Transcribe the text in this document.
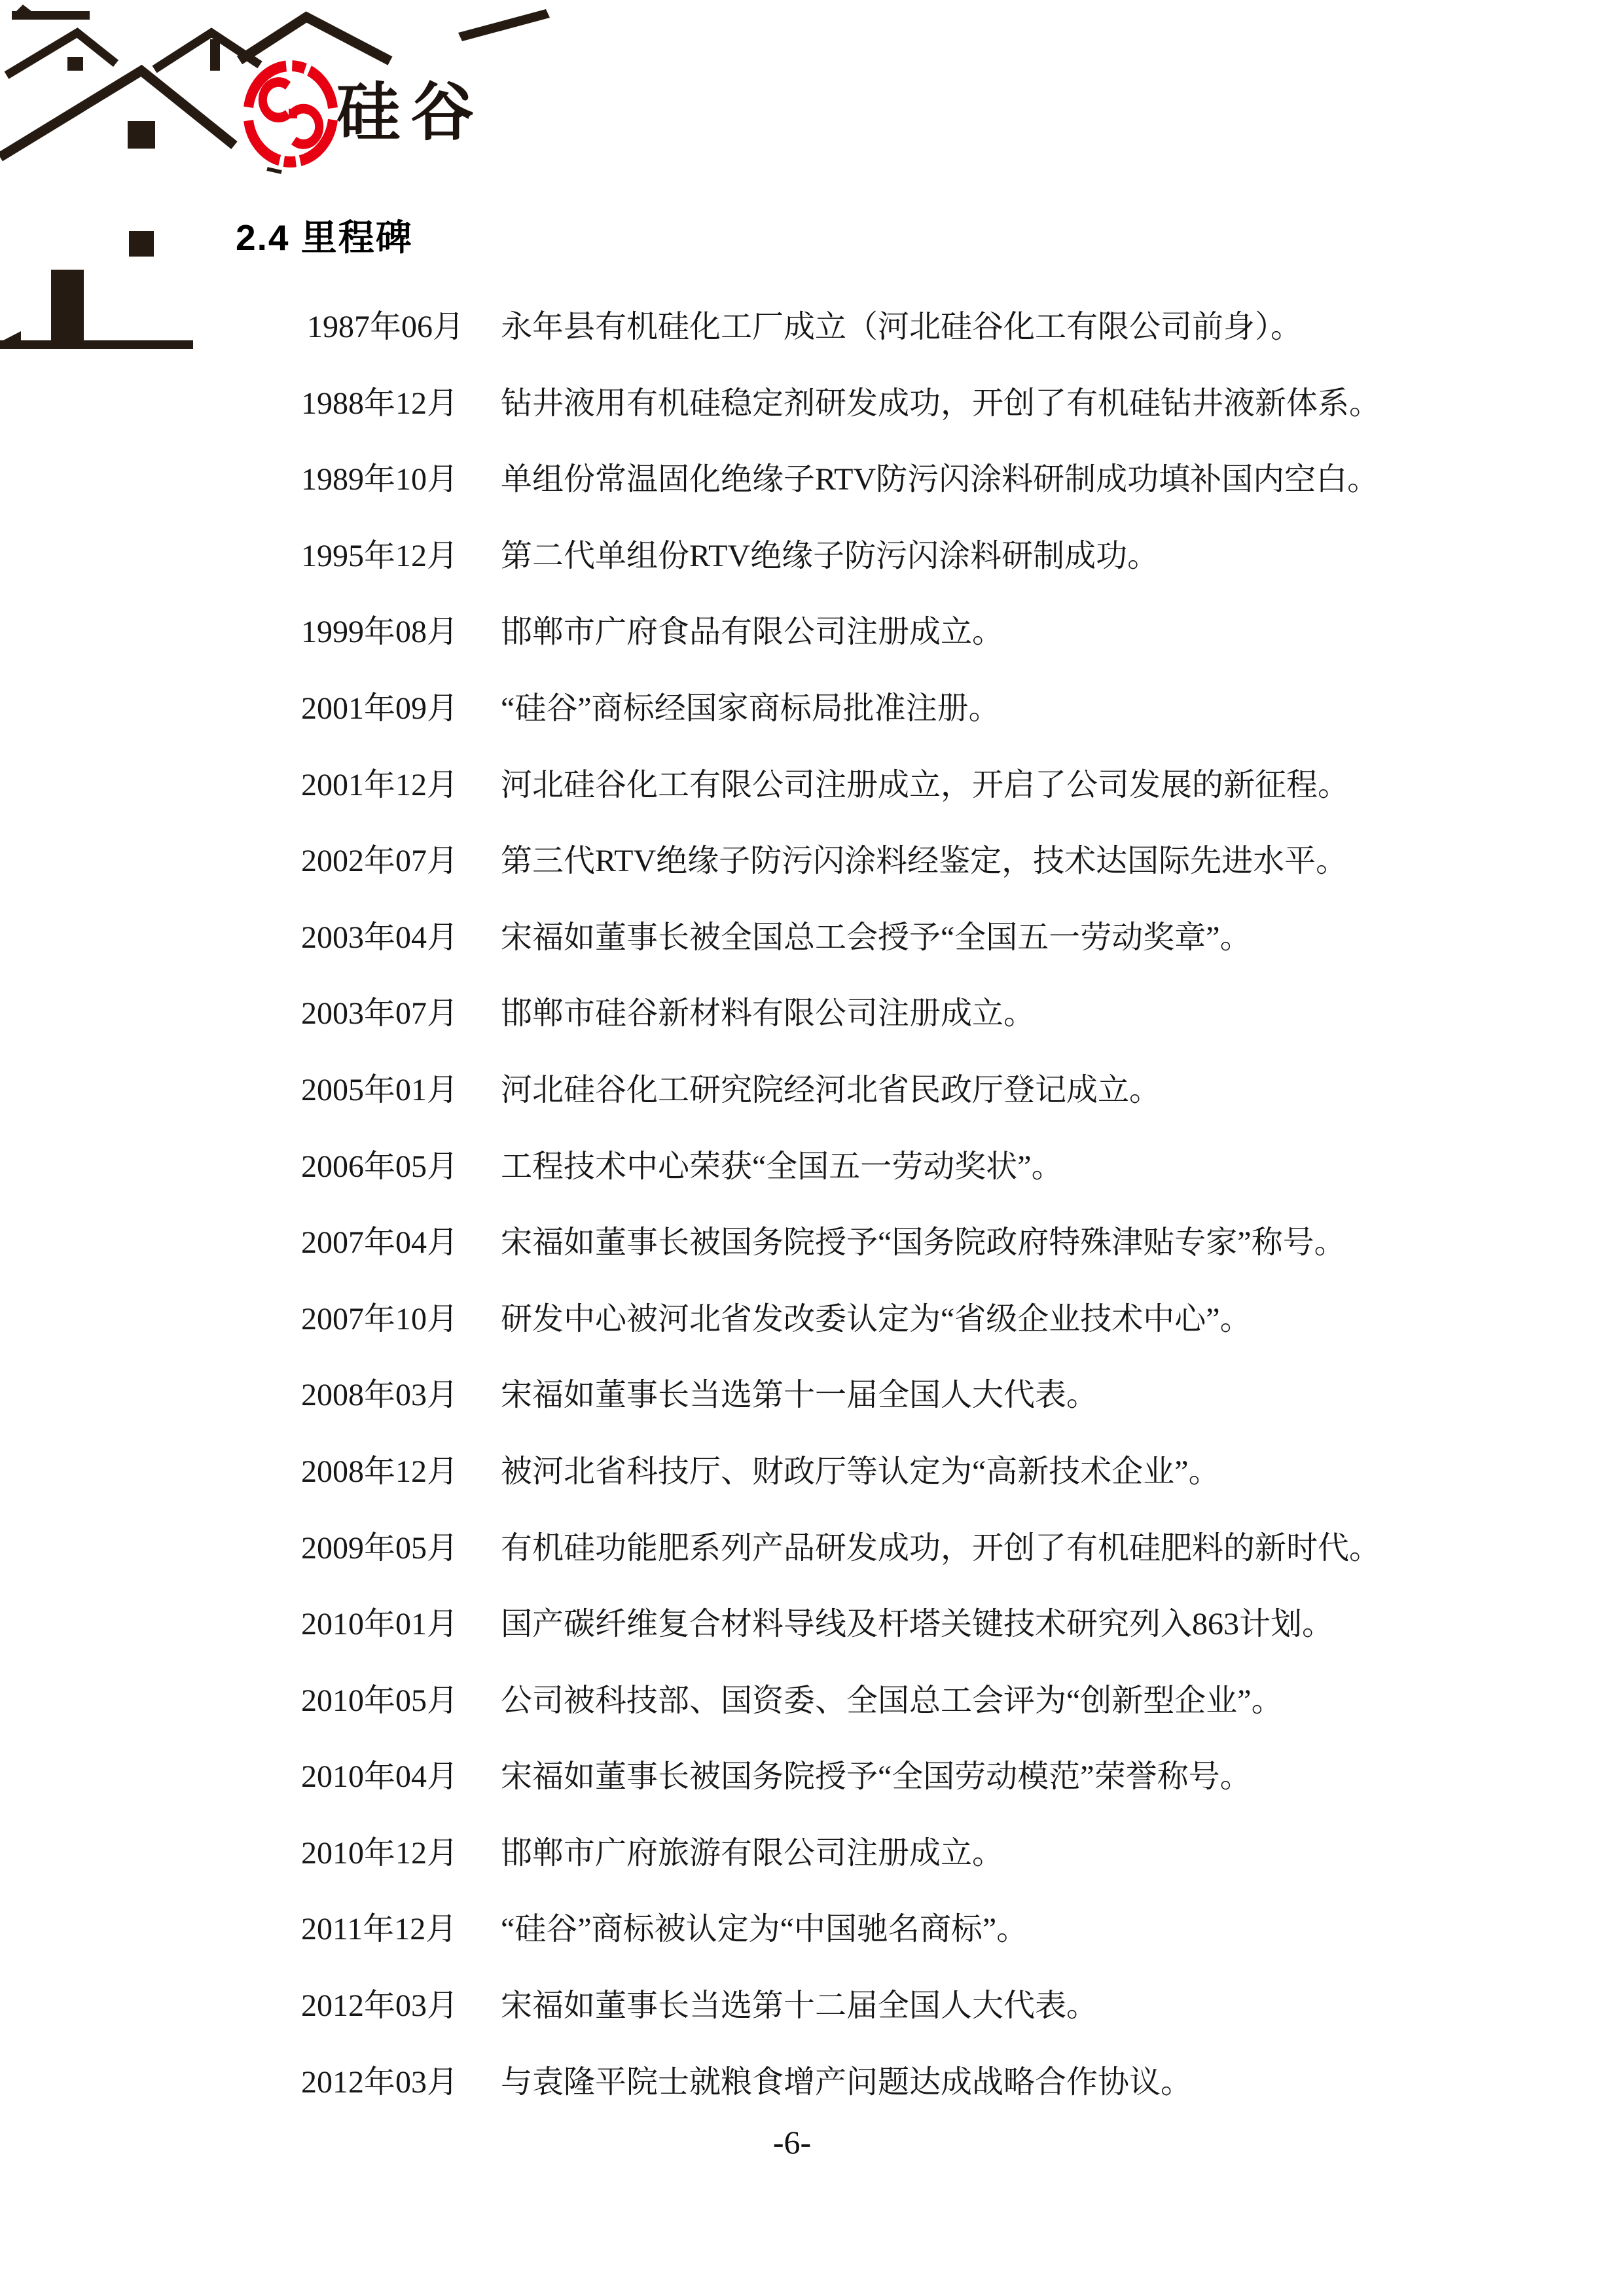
硅谷
2.4 里程碑
1987年06月	永年县有机硅化工厂成立（河北硅谷化工有限公司前身）。
1988年12月	钻井液用有机硅稳定剂研发成功，开创了有机硅钻井液新体系。
1989年10月	单组份常温固化绝缘子RTV防污闪涂料研制成功填补国内空白。
1995年12月	第二代单组份RTV绝缘子防污闪涂料研制成功。
1999年08月	邯郸市广府食品有限公司注册成立。
2001年09月	“硅谷”商标经国家商标局批准注册。
2001年12月	河北硅谷化工有限公司注册成立，开启了公司发展的新征程。
2002年07月	第三代RTV绝缘子防污闪涂料经鉴定，技术达国际先进水平。
2003年04月	宋福如董事长被全国总工会授予“全国五一劳动奖章”。
2003年07月	邯郸市硅谷新材料有限公司注册成立。
2005年01月	河北硅谷化工研究院经河北省民政厅登记成立。
2006年05月	工程技术中心荣获“全国五一劳动奖状”。
2007年04月	宋福如董事长被国务院授予“国务院政府特殊津贴专家”称号。
2007年10月	研发中心被河北省发改委认定为“省级企业技术中心”。
2008年03月	宋福如董事长当选第十一届全国人大代表。
2008年12月	被河北省科技厅、财政厅等认定为“高新技术企业”。
2009年05月	有机硅功能肥系列产品研发成功，开创了有机硅肥料的新时代。
2010年01月	国产碳纤维复合材料导线及杆塔关键技术研究列入863计划。
2010年05月	公司被科技部、国资委、全国总工会评为“创新型企业”。
2010年04月	宋福如董事长被国务院授予“全国劳动模范”荣誉称号。
2010年12月	邯郸市广府旅游有限公司注册成立。
2011年12月	“硅谷”商标被认定为“中国驰名商标”。
2012年03月	宋福如董事长当选第十二届全国人大代表。
2012年03月	与袁隆平院士就粮食增产问题达成战略合作协议。
-6-
